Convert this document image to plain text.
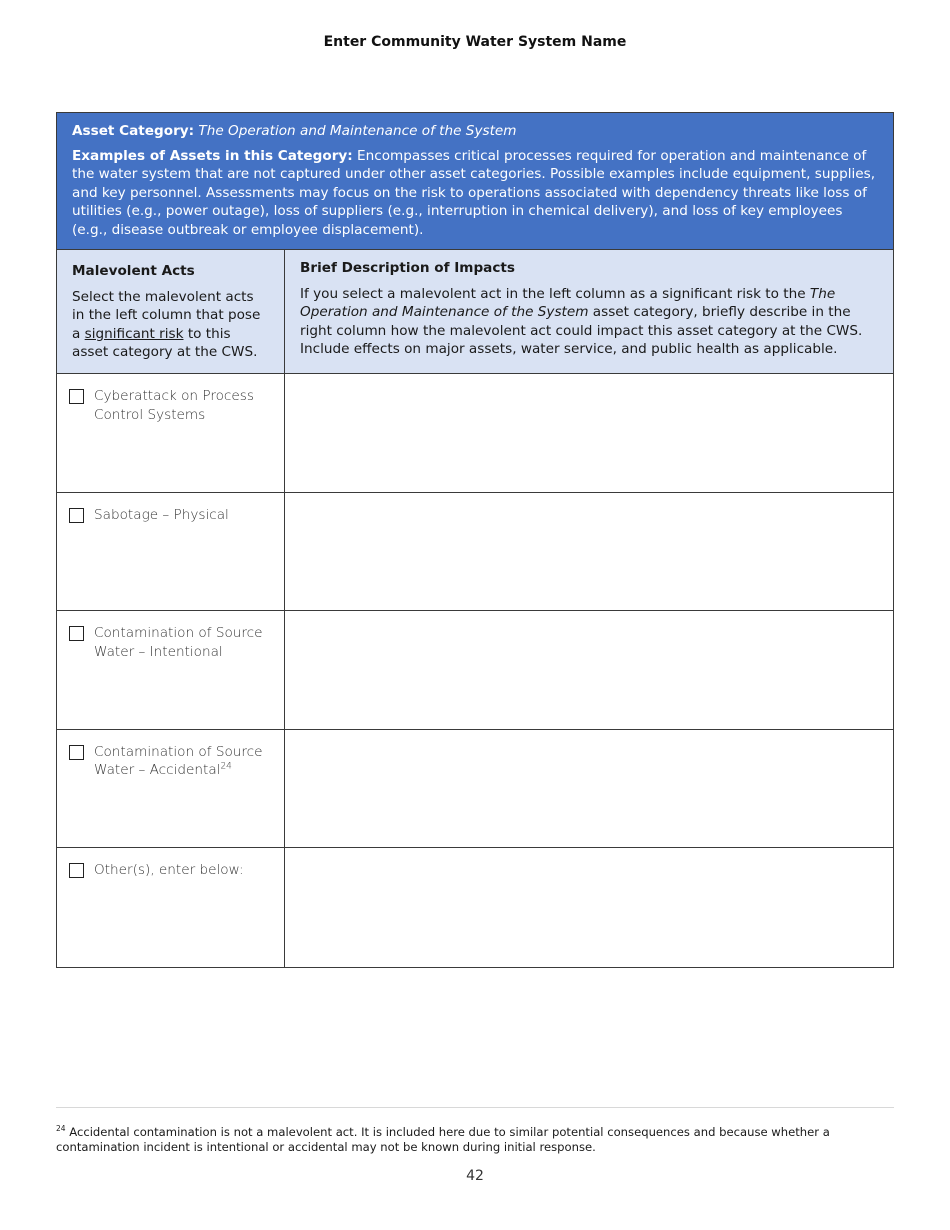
Enter Community Water System Name
Asset Category: The Operation and Maintenance of the System
Examples of Assets in this Category: Encompasses critical processes required for operation and maintenance of the water system that are not captured under other asset categories. Possible examples include equipment, supplies, and key personnel. Assessments may focus on the risk to operations associated with dependency threats like loss of utilities (e.g., power outage), loss of suppliers (e.g., interruption in chemical delivery), and loss of key employees (e.g., disease outbreak or employee displacement).
Malevolent Acts
Select the malevolent acts in the left column that pose a significant risk to this asset category at the CWS.
Brief Description of Impacts
If you select a malevolent act in the left column as a significant risk to the The Operation and Maintenance of the System asset category, briefly describe in the right column how the malevolent act could impact this asset category at the CWS. Include effects on major assets, water service, and public health as applicable.
Cyberattack on Process Control Systems
Sabotage – Physical
Contamination of Source Water – Intentional
Contamination of Source Water – Accidental$^{24}$
Other(s), enter below:
$^{24}$ Accidental contamination is not a malevolent act. It is included here due to similar potential consequences and because whether a contamination incident is intentional or accidental may not be known during initial response.
42
